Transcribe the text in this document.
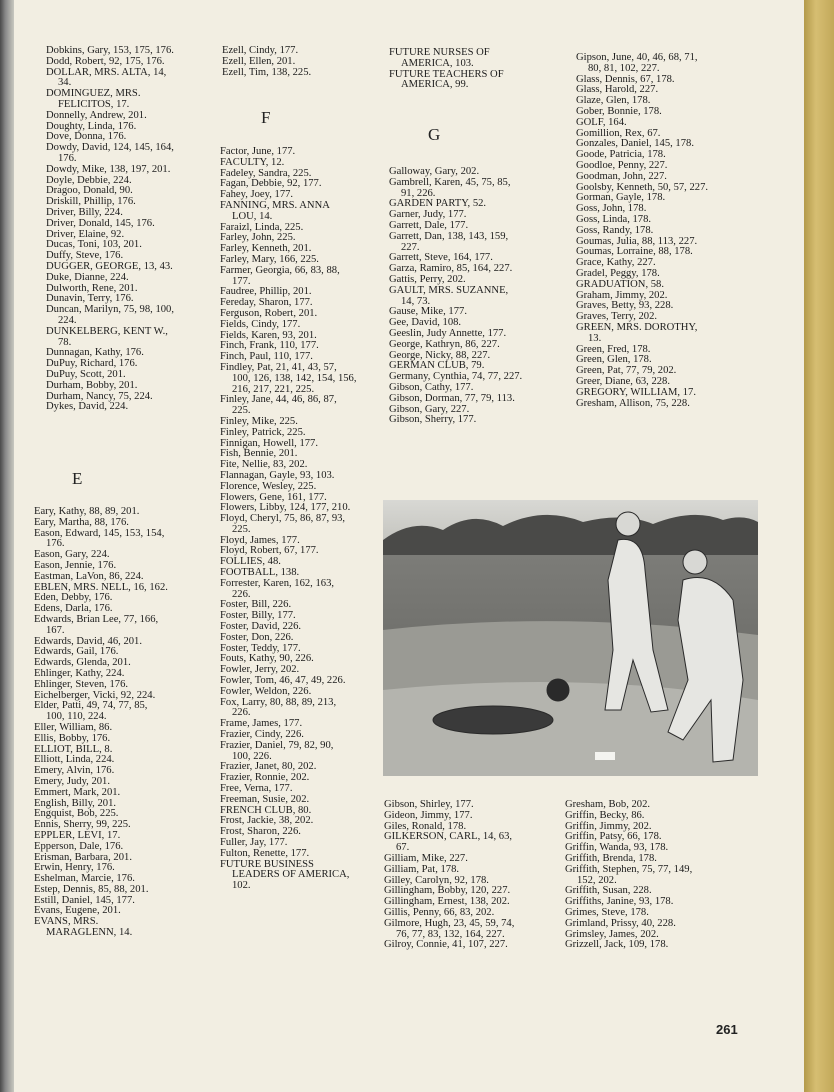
Dobkins, Gary, 153, 175, 176.
Dodd, Robert, 92, 175, 176.
DOLLAR, MRS. ALTA, 14,
34.
DOMINGUEZ, MRS.
FELICITOS, 17.
Donnelly, Andrew, 201.
Doughty, Linda, 176.
Dove, Donna, 176.
Dowdy, David, 124, 145, 164,
176.
Dowdy, Mike, 138, 197, 201.
Doyle, Debbie, 224.
Dragoo, Donald, 90.
Driskill, Phillip, 176.
Driver, Billy, 224.
Driver, Donald, 145, 176.
Driver, Elaine, 92.
Ducas, Toni, 103, 201.
Duffy, Steve, 176.
DUGGER, GEORGE, 13, 43.
Duke, Dianne, 224.
Dulworth, Rene, 201.
Dunavin, Terry, 176.
Duncan, Marilyn, 75, 98, 100,
224.
DUNKELBERG, KENT W.,
78.
Dunnagan, Kathy, 176.
DuPuy, Richard, 176.
DuPuy, Scott, 201.
Durham, Bobby, 201.
Durham, Nancy, 75, 224.
Dykes, David, 224.
E
Eary, Kathy, 88, 89, 201.
Eary, Martha, 88, 176.
Eason, Edward, 145, 153, 154,
176.
Eason, Gary, 224.
Eason, Jennie, 176.
Eastman, LaVon, 86, 224.
EBLEN, MRS. NELL, 16, 162.
Eden, Debby, 176.
Edens, Darla, 176.
Edwards, Brian Lee, 77, 166,
167.
Edwards, David, 46, 201.
Edwards, Gail, 176.
Edwards, Glenda, 201.
Ehlinger, Kathy, 224.
Ehlinger, Steven, 176.
Eichelberger, Vicki, 92, 224.
Elder, Patti, 49, 74, 77, 85,
100, 110, 224.
Eller, William, 86.
Ellis, Bobby, 176.
ELLIOT, BILL, 8.
Elliott, Linda, 224.
Emery, Alvin, 176.
Emery, Judy, 201.
Emmert, Mark, 201.
English, Billy, 201.
Engquist, Bob, 225.
Ennis, Sherry, 99, 225.
EPPLER, LEVI, 17.
Epperson, Dale, 176.
Erisman, Barbara, 201.
Erwin, Henry, 176.
Eshelman, Marcie, 176.
Estep, Dennis, 85, 88, 201.
Estill, Daniel, 145, 177.
Evans, Eugene, 201.
EVANS, MRS.
MARAGLENN, 14.
Ezell, Cindy, 177.
Ezell, Ellen, 201.
Ezell, Tim, 138, 225.
F
Factor, June, 177.
FACULTY, 12.
Fadeley, Sandra, 225.
Fagan, Debbie, 92, 177.
Fahey, Joey, 177.
FANNING, MRS. ANNA
LOU, 14.
Faraizl, Linda, 225.
Farley, John, 225.
Farley, Kenneth, 201.
Farley, Mary, 166, 225.
Farmer, Georgia, 66, 83, 88,
177.
Faudree, Phillip, 201.
Fereday, Sharon, 177.
Ferguson, Robert, 201.
Fields, Cindy, 177.
Fields, Karen, 93, 201.
Finch, Frank, 110, 177.
Finch, Paul, 110, 177.
Findley, Pat, 21, 41, 43, 57,
100, 126, 138, 142, 154, 156,
216, 217, 221, 225.
Finley, Jane, 44, 46, 86, 87,
225.
Finley, Mike, 225.
Finley, Patrick, 225.
Finnigan, Howell, 177.
Fish, Bennie, 201.
Fite, Nellie, 83, 202.
Flannagan, Gayle, 93, 103.
Florence, Wesley, 225.
Flowers, Gene, 161, 177.
Flowers, Libby, 124, 177, 210.
Floyd, Cheryl, 75, 86, 87, 93,
225.
Floyd, James, 177.
Floyd, Robert, 67, 177.
FOLLIES, 48.
FOOTBALL, 138.
Forrester, Karen, 162, 163,
226.
Foster, Bill, 226.
Foster, Billy, 177.
Foster, David, 226.
Foster, Don, 226.
Foster, Teddy, 177.
Fouts, Kathy, 90, 226.
Fowler, Jerry, 202.
Fowler, Tom, 46, 47, 49, 226.
Fowler, Weldon, 226.
Fox, Larry, 80, 88, 89, 213,
226.
Frame, James, 177.
Frazier, Cindy, 226.
Frazier, Daniel, 79, 82, 90,
100, 226.
Frazier, Janet, 80, 202.
Frazier, Ronnie, 202.
Free, Verna, 177.
Freeman, Susie, 202.
FRENCH CLUB, 80.
Frost, Jackie, 38, 202.
Frost, Sharon, 226.
Fuller, Jay, 177.
Fulton, Renette, 177.
FUTURE BUSINESS
LEADERS OF AMERICA,
102.
FUTURE NURSES OF
AMERICA, 103.
FUTURE TEACHERS OF
AMERICA, 99.
G
Galloway, Gary, 202.
Gambrell, Karen, 45, 75, 85,
91, 226.
GARDEN PARTY, 52.
Garner, Judy, 177.
Garrett, Dale, 177.
Garrett, Dan, 138, 143, 159,
227.
Garrett, Steve, 164, 177.
Garza, Ramiro, 85, 164, 227.
Gattis, Perry, 202.
GAULT, MRS. SUZANNE,
14, 73.
Gause, Mike, 177.
Gee, David, 108.
Geeslin, Judy Annette, 177.
George, Kathryn, 86, 227.
George, Nicky, 88, 227.
GERMAN CLUB, 79.
Germany, Cynthia, 74, 77, 227.
Gibson, Cathy, 177.
Gibson, Dorman, 77, 79, 113.
Gibson, Gary, 227.
Gibson, Sherry, 177.
Gipson, June, 40, 46, 68, 71,
80, 81, 102, 227.
Glass, Dennis, 67, 178.
Glass, Harold, 227.
Glaze, Glen, 178.
Gober, Bonnie, 178.
GOLF, 164.
Gomillion, Rex, 67.
Gonzales, Daniel, 145, 178.
Goode, Patricia, 178.
Goodloe, Penny, 227.
Goodman, John, 227.
Goolsby, Kenneth, 50, 57, 227.
Gorman, Gayle, 178.
Goss, John, 178.
Goss, Linda, 178.
Goss, Randy, 178.
Goumas, Julia, 88, 113, 227.
Goumas, Lorraine, 88, 178.
Grace, Kathy, 227.
Gradel, Peggy, 178.
GRADUATION, 58.
Graham, Jimmy, 202.
Graves, Betty, 93, 228.
Graves, Terry, 202.
GREEN, MRS. DOROTHY,
13.
Green, Fred, 178.
Green, Glen, 178.
Green, Pat, 77, 79, 202.
Greer, Diane, 63, 228.
GREGORY, WILLIAM, 17.
Gresham, Allison, 75, 228.
Gibson, Shirley, 177.
Gideon, Jimmy, 177.
Giles, Ronald, 178.
GILKERSON, CARL, 14, 63,
67.
Gilliam, Mike, 227.
Gilliam, Pat, 178.
Gilley, Carolyn, 92, 178.
Gillingham, Bobby, 120, 227.
Gillingham, Ernest, 138, 202.
Gillis, Penny, 66, 83, 202.
Gilmore, Hugh, 23, 45, 59, 74,
76, 77, 83, 132, 164, 227.
Gilroy, Connie, 41, 107, 227.
Gresham, Bob, 202.
Griffin, Becky, 86.
Griffin, Jimmy, 202.
Griffin, Patsy, 66, 178.
Griffin, Wanda, 93, 178.
Griffith, Brenda, 178.
Griffith, Stephen, 75, 77, 149,
152, 202.
Griffith, Susan, 228.
Griffiths, Janine, 93, 178.
Grimes, Steve, 178.
Grimland, Prissy, 40, 228.
Grimsley, James, 202.
Grizzell, Jack, 109, 178.
261
